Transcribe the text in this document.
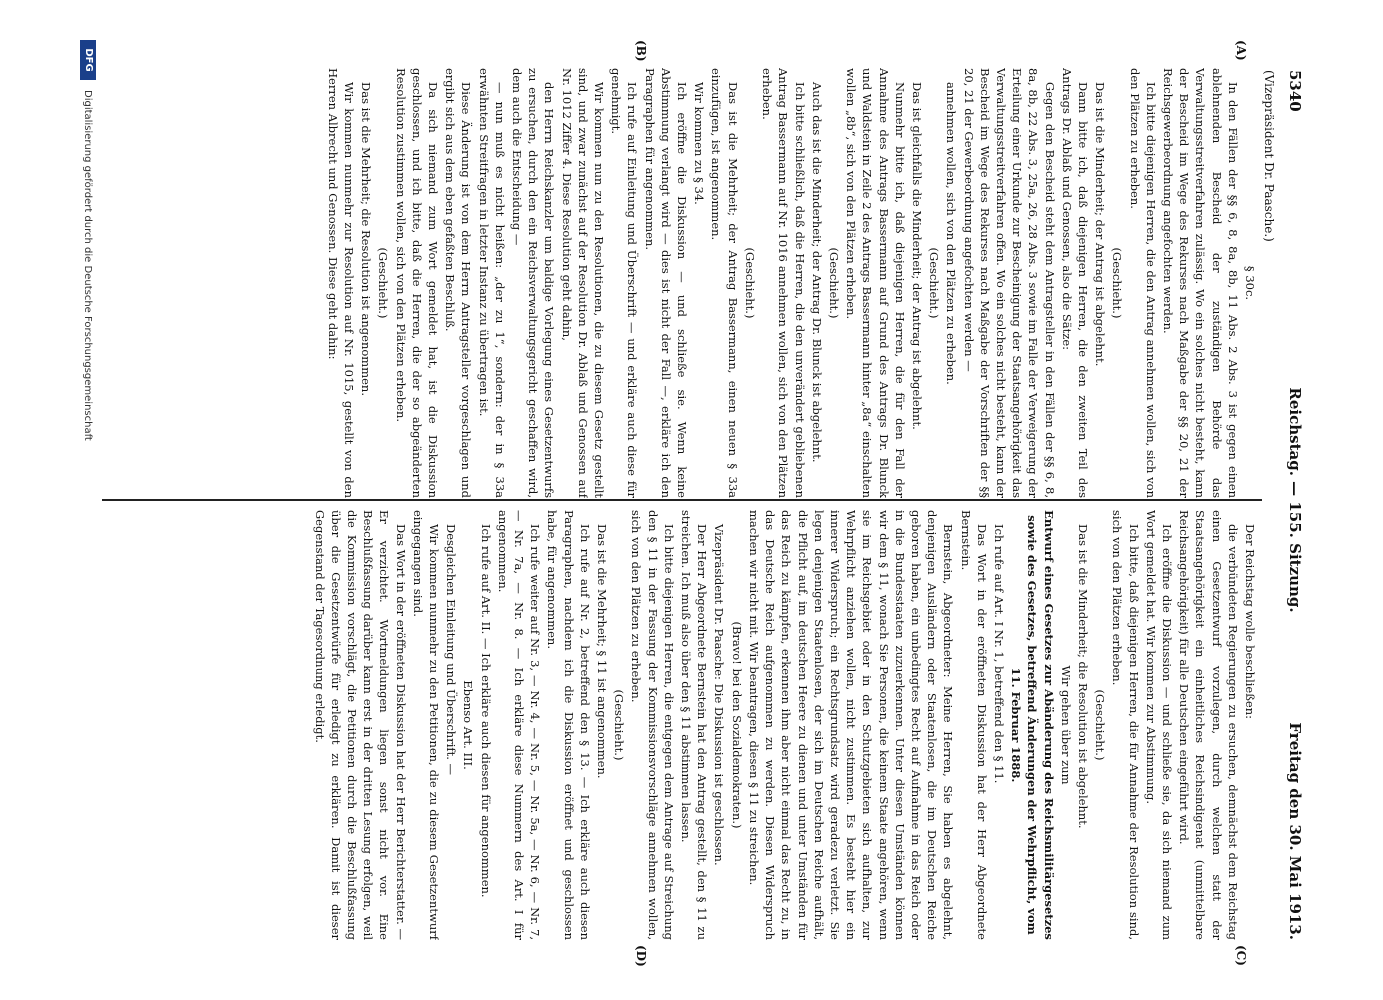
5340
Reichstag. — 155. Sitzung.
Freitag den 30. Mai 1913.
(Vizepräsident Dr. Paasche.)
(A)
(B)
(C)
(D)

§ 30c.

In den Fällen der §§ 6, 8, 8a, 8b, 11 Abs. 2 Abs. 3 ist gegen einen ablehnenden Bescheid der zuständigen Behörde das Verwaltungsstreitverfahren zulässig. Wo ein solches nicht besteht, kann der Bescheid im Wege des Rekurses nach Maßgabe der §§ 20, 21 der Reichsgewerbeordnung angefochten werden.

Ich bitte diejenigen Herren, die den Antrag annehmen wollen, sich von den Plätzen zu erheben.

(Geschieht.)

Das ist die Minderheit; der Antrag ist abgelehnt.

Dann bitte ich, daß diejenigen Herren, die den zweiten Teil des Antrags Dr. Ablaß und Genossen, also die Sätze:

Gegen den Bescheid steht dem Antragsteller in den Fällen der §§ 6, 8, 8a, 8b, 22 Abs. 3, 25a, 26, 28 Abs. 3 sowie im Falle der Verweigerung der Erteilung einer Urkunde zur Bescheinigung der Staatsangehörigkeit das Verwaltungsstreitverfahren offen. Wo ein solches nicht besteht, kann der Bescheid im Wege des Rekurses nach Maßgabe der Vorschriften der §§ 20, 21 der Gewerbeordnung angefochten werden —

annehmen wollen, sich von den Plätzen zu erheben.

(Geschieht.)

Das ist gleichfalls die Minderheit; der Antrag ist abgelehnt.

Nunmehr bitte ich, daß diejenigen Herren, die für den Fall der Annahme des Antrags Bassermann auf Grund des Antrags Dr. Blunck und Waldstein in Zeile 2 des Antrags Bassermann hinter „8a“ einschalten wollen „8b“, sich von den Plätzen erheben.

(Geschieht.)

Auch das ist die Minderheit; der Antrag Dr. Blunck ist abgelehnt.

Ich bitte schließlich, daß die Herren, die den unverändert gebliebenen Antrag Bassermann auf Nr. 1016 annehmen wollen, sich von den Plätzen erheben.

(Geschieht.)

Das ist die Mehrheit; der Antrag Bassermann, einen neuen § 33a einzufügen, ist angenommen.

Wir kommen zu § 34.

Ich eröffne die Diskussion — und schließe sie. Wenn keine Abstimmung verlangt wird — dies ist nicht der Fall —, erkläre ich den Paragraphen für angenommen.

Ich rufe auf Einleitung und Überschrift — und erkläre auch diese für genehmigt.

Wir kommen nun zu den Resolutionen, die zu diesem Gesetz gestellt sind, und zwar zunächst auf der Resolution Dr. Ablaß und Genossen auf Nr. 1012 Ziffer 4. Diese Resolution geht dahin,

den Herrn Reichskanzler um baldige Vorlegung eines Gesetzentwurfs zu ersuchen, durch den ein Reichsverwaltungsgericht geschaffen wird, dem auch die Entscheidung —

— nun muß es nicht heißen: „der zu 1“, sondern: der in § 33a erwähnten Streitfragen in letzter Instanz zu übertragen ist.

Diese Änderung ist von dem Herrn Antragsteller vorgeschlagen und ergibt sich aus dem eben gefaßten Beschluß.

Da sich niemand zum Wort gemeldet hat, ist die Diskussion geschlossen, und ich bitte, daß die Herren, die der so abgeänderten Resolution zustimmen wollen, sich von den Plätzen erheben.

(Geschieht.)

Das ist die Mehrheit; die Resolution ist angenommen.

Wir kommen nunmehr zur Resolution auf Nr. 1015, gestellt von den Herren Albrecht und Genossen. Diese geht dahin:

Der Reichstag wolle beschließen:

die verbündeten Regierungen zu ersuchen, demnächst dem Reichstag einen Gesetzentwurf vorzulegen, durch welchen statt der Staatsangehörigkeit ein einheitliches Reichsindigenat (unmittelbare Reichsangehörigkeit) für alle Deutschen eingeführt wird.

Ich eröffne die Diskussion — und schließe sie, da sich niemand zum Wort gemeldet hat. Wir kommen zur Abstimmung.

Ich bitte, daß diejenigen Herren, die für Annahme der Resolution sind, sich von den Plätzen erheben.

(Geschieht.)

Das ist die Minderheit; die Resolution ist abgelehnt.

Wir gehen über zum

Entwurf eines Gesetzes zur Abänderung des Reichsmilitärgesetzes sowie des Gesetzes, betreffend Änderungen der Wehrpflicht, vom 11. Februar 1888.

Ich rufe auf Art. I Nr. 1, betreffend den § 11.

Das Wort in der eröffneten Diskussion hat der Herr Abgeordnete Bernstein.

Bernstein, Abgeordneter: Meine Herren, Sie haben es abgelehnt, denjenigen Ausländern oder Staatenlosen, die im Deutschen Reiche geboren haben, ein unbedingtes Recht auf Aufnahme in das Reich oder in die Bundesstaaten zuzuerkennen. Unter diesen Umständen können wir dem § 11, wonach Sie Personen, die keinem Staate angehören, wenn sie im Reichsgebiet oder in den Schutzgebieten sich aufhalten, zur Wehrpflicht anziehen wollen, nicht zustimmen. Es besteht hier ein innerer Widerspruch; ein Rechtsgrundsatz wird geradezu verletzt. Sie legen denjenigen Staatenlosen, der sich im Deutschen Reiche aufhält, die Pflicht auf, im deutschen Heere zu dienen und unter Umständen für das Reich zu kämpfen, erkennen ihm aber nicht einmal das Recht zu, in das Deutsche Reich aufgenommen zu werden. Diesen Widerspruch machen wir nicht mit. Wir beantragen, diesen § 11 zu streichen.

(Bravo! bei den Sozialdemokraten.)

Vizepräsident Dr. Paasche: Die Diskussion ist geschlossen.

Der Herr Abgeordnete Bernstein hat den Antrag gestellt, den § 11 zu streichen. Ich muß also über den § 11 abstimmen lassen.

Ich bitte diejenigen Herren, die entgegen dem Antrage auf Streichung den § 11 in der Fassung der Kommissionsvorschläge annehmen wollen, sich von den Plätzen zu erheben.

(Geschieht.)

Das ist die Mehrheit; § 11 ist angenommen.

Ich rufe auf Nr. 2, betreffend den § 13. — Ich erkläre auch diesen Paragraphen, nachdem ich die Diskussion eröffnet und geschlossen habe, für angenommen.

Ich rufe weiter auf Nr. 3, — Nr. 4, — Nr. 5, — Nr. 5a, — Nr. 6, — Nr. 7, — Nr. 7a, — Nr. 8. — Ich erkläre diese Nummern des Art. I für angenommen.

Ich rufe auf Art. II. — Ich erkläre auch diesen für angenommen.

Ebenso Art. III.

Desgleichen Einleitung und Überschrift. —

Wir kommen nunmehr zu den Petitionen, die zu diesem Gesetzentwurf eingegangen sind.

Das Wort in der eröffneten Diskussion hat der Herr Berichterstatter. — Er verzichtet. Wortmeldungen liegen sonst nicht vor. Eine Beschlußfassung darüber kann erst in der dritten Lesung erfolgen, weil die Kommission vorschlägt, die Petitionen durch die Beschlußfassung über die Gesetzentwürfe für erledigt zu erklären. Damit ist dieser Gegenstand der Tagesordnung erledigt.

DFG
Digitalisierung gefördert durch die Deutsche Forschungsgemeinschaft
